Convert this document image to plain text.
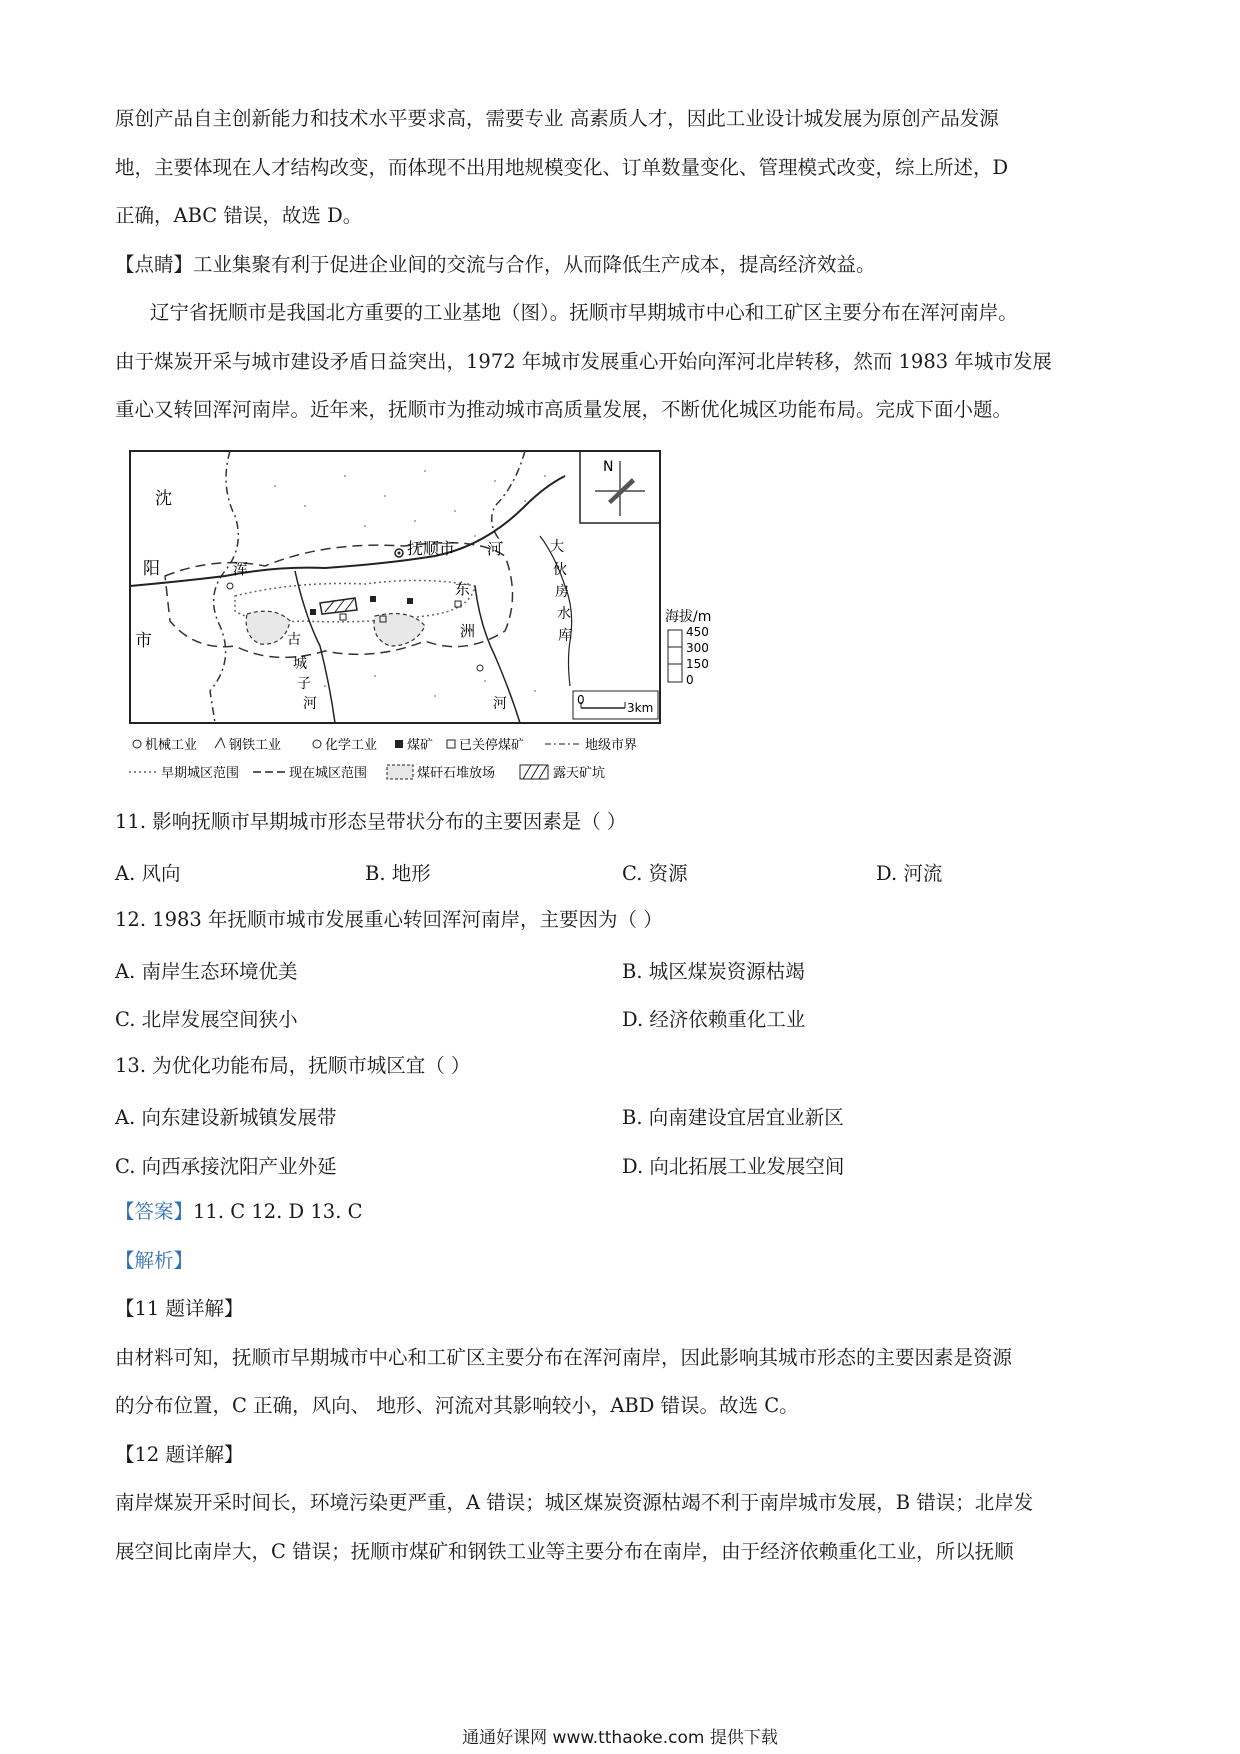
原创产品自主创新能力和技术水平要求高，需要专业 高素质人才，因此工业设计城发展为原创产品发源
地，主要体现在人才结构改变，而体现不出用地规模变化、订单数量变化、管理模式改变，综上所述，D
正确，ABC 错误，故选 D。
【点睛】工业集聚有利于促进企业间的交流与合作，从而降低生产成本，提高经济效益。
辽宁省抚顺市是我国北方重要的工业基地（图）。抚顺市早期城市中心和工矿区主要分布在浑河南岸。
由于煤炭开采与城市建设矛盾日益突出，1972 年城市发展重心开始向浑河北岸转移，然而 1983 年城市发展
重心又转回浑河南岸。近年来，抚顺市为推动城市高质量发展，不断优化城区功能布局。完成下面小题。
N
沈
阳
市
抚顺市
浑
河
东
洲
古
城
子
河	河
大
伙
房
水
库
海拔/m
450
300
150
0
0
3km
机械工业 钢铁工业	化学工业 煤矿 已关停煤矿	地级市界
早期城区范围	现在城区范围	煤矸石堆放场	露天矿坑
11. 影响抚顺市早期城市形态呈带状分布的主要因素是（ ）
A. 风向	B. 地形	C. 资源	D. 河流
12. 1983 年抚顺市城市发展重心转回浑河南岸，主要因为（ ）
A. 南岸生态环境优美	B. 城区煤炭资源枯竭
C. 北岸发展空间狭小	D. 经济依赖重化工业
13. 为优化功能布局，抚顺市城区宜（ ）
A. 向东建设新城镇发展带	B. 向南建设宜居宜业新区
C. 向西承接沈阳产业外延	D. 向北拓展工业发展空间
【答案】11. C 12. D 13. C
【解析】
【11 题详解】
由材料可知，抚顺市早期城市中心和工矿区主要分布在浑河南岸，因此影响其城市形态的主要因素是资源
的分布位置，C 正确，风向、 地形、河流对其影响较小，ABD 错误。故选 C。
【12 题详解】
南岸煤炭开采时间长，环境污染更严重，A 错误；城区煤炭资源枯竭不利于南岸城市发展，B 错误；北岸发
展空间比南岸大，C 错误；抚顺市煤矿和钢铁工业等主要分布在南岸，由于经济依赖重化工业，所以抚顺
通通好课网 www.tthaoke.com 提供下载
